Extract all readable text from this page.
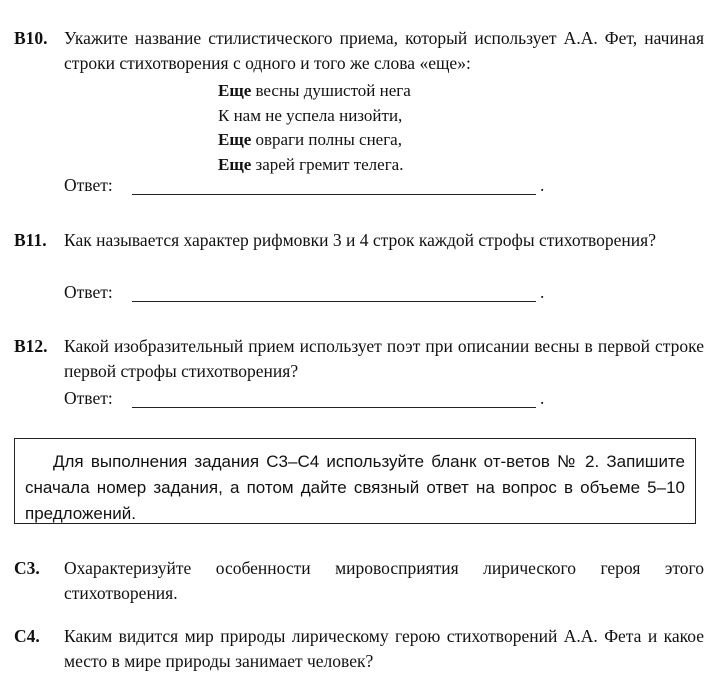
B10. Укажите название стилистического приема, который использует А.А. Фет, начиная строки стихотворения с одного и того же слова «еще»:
Еще весны душистой нега
К нам не успела низойти,
Еще овраги полны снега,
Еще зарей гремит телега.
Ответ:	.
B11. Как называется характер рифмовки 3 и 4 строк каждой строфы стихотворения?
Ответ:	.
B12. Какой изобразительный прием использует поэт при описании весны в первой строке первой строфы стихотворения?
Ответ:	.
Для выполнения задания С3–С4 используйте бланк от-ветов № 2. Запишите сначала номер задания, а потом дайте связный ответ на вопрос в объеме 5–10 предложений.
С3. Охарактеризуйте особенности мировосприятия лирического героя этого стихотворения.
С4. Каким видится мир природы лирическому герою стихотворений А.А. Фета и какое место в мире природы занимает человек?
